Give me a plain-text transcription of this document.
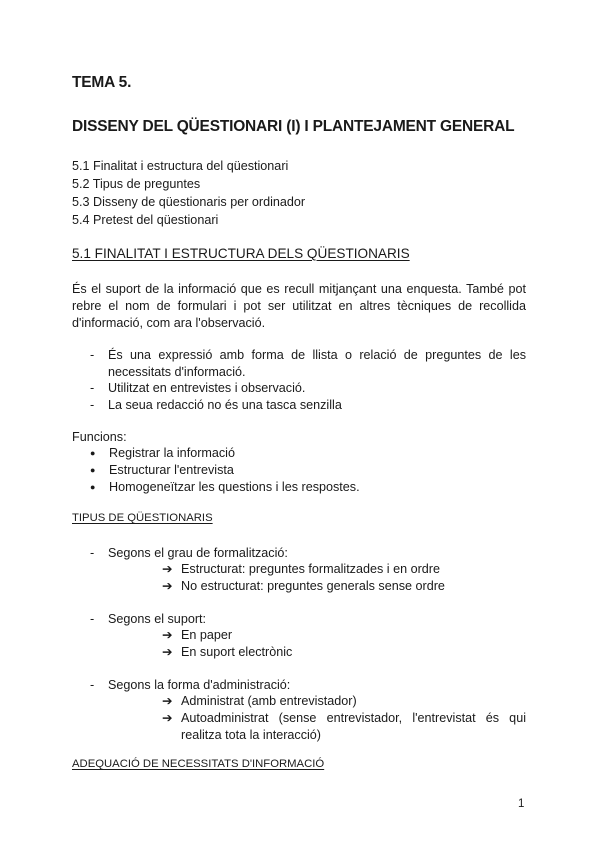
TEMA 5.
DISSENY DEL QÜESTIONARI (I) I PLANTEJAMENT GENERAL
5.1 Finalitat i estructura del qüestionari
5.2 Tipus de preguntes
5.3 Disseny de qüestionaris per ordinador
5.4 Pretest del qüestionari
5.1 FINALITAT I ESTRUCTURA DELS QÜESTIONARIS
És el suport de la informació que es recull mitjançant una enquesta. També pot
rebre el nom de formulari i pot ser utilitzat en altres tècniques de recollida
d'informació, com ara l'observació.
- És una expressió amb forma de llista o relació de preguntes de les necessitats d'informació.
- Utilitzat en entrevistes i observació.
- La seua redacció no és una tasca senzilla
Funcions:
● Registrar la informació
● Estructurar l'entrevista
● Homogeneïtzar les questions i les respostes.
TIPUS DE QÜESTIONARIS
- Segons el grau de formalització:
➔ Estructurat: preguntes formalitzades i en ordre
➔ No estructurat: preguntes generals sense ordre
- Segons el suport:
➔ En paper
➔ En suport electrònic
- Segons la forma d'administració:
➔ Administrat (amb entrevistador)
➔ Autoadministrat (sense entrevistador, l'entrevistat és qui realitza tota la interacció)
ADEQUACIÓ DE NECESSITATS D'INFORMACIÓ
1
